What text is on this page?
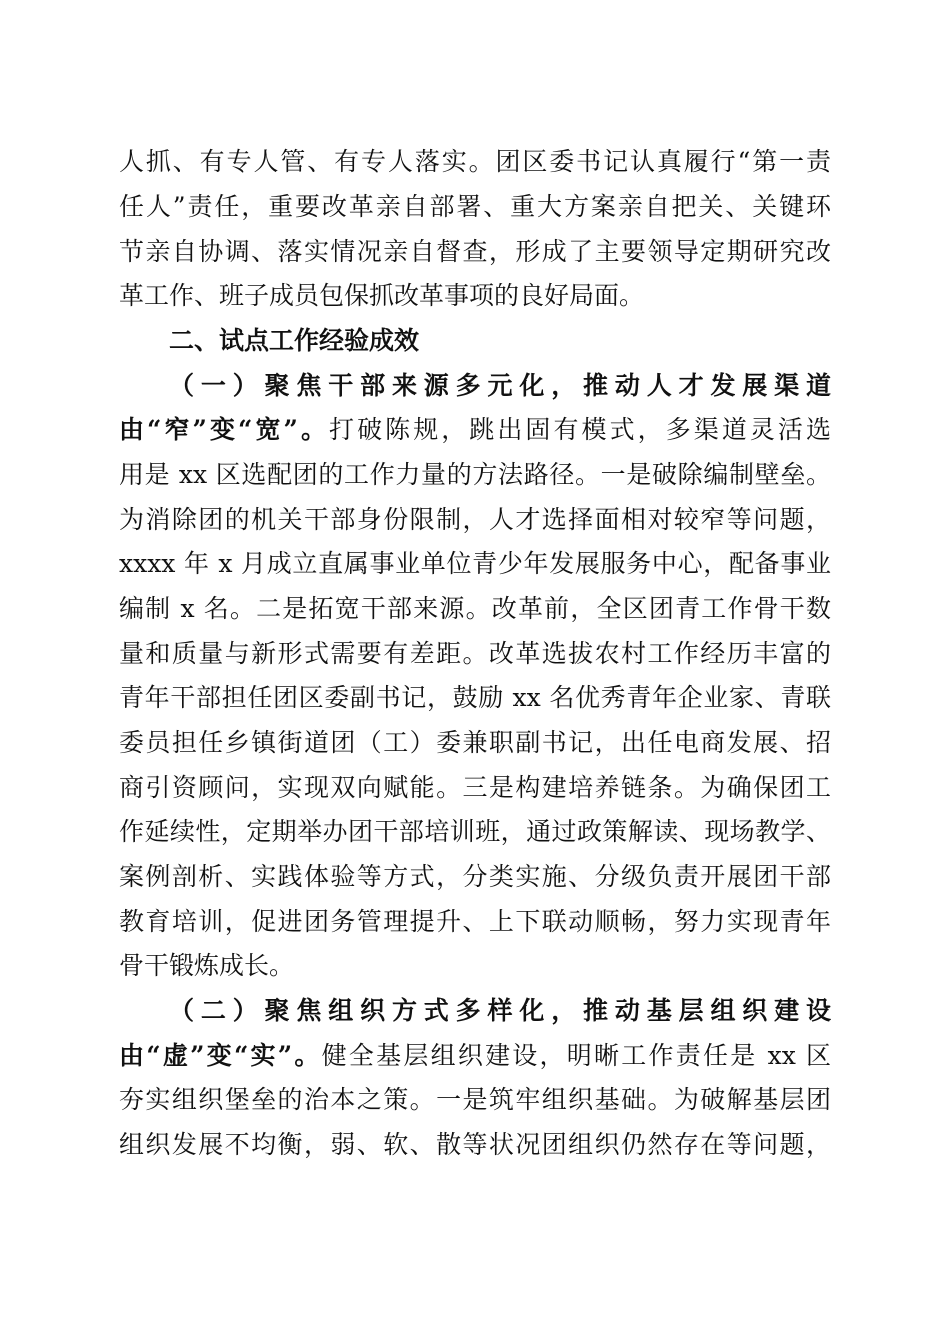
人抓、有专人管、有专人落实。团区委书记认真履行“第一责
任人”责任，重要改革亲自部署、重大方案亲自把关、关键环
节亲自协调、落实情况亲自督查，形成了主要领导定期研究改
革工作、班子成员包保抓改革事项的良好局面。
二、试点工作经验成效
（一）聚焦干部来源多元化，推动人才发展渠道
由“窄”变“宽”。打破陈规，跳出固有模式，多渠道灵活选
用是 xx 区选配团的工作力量的方法路径。一是破除编制壁垒。
为消除团的机关干部身份限制，人才选择面相对较窄等问题，
xxxx 年 x 月成立直属事业单位青少年发展服务中心，配备事业
编制 x 名。二是拓宽干部来源。改革前，全区团青工作骨干数
量和质量与新形式需要有差距。改革选拔农村工作经历丰富的
青年干部担任团区委副书记，鼓励 xx 名优秀青年企业家、青联
委员担任乡镇街道团（工）委兼职副书记，出任电商发展、招
商引资顾问，实现双向赋能。三是构建培养链条。为确保团工
作延续性，定期举办团干部培训班，通过政策解读、现场教学、
案例剖析、实践体验等方式，分类实施、分级负责开展团干部
教育培训，促进团务管理提升、上下联动顺畅，努力实现青年
骨干锻炼成长。
（二）聚焦组织方式多样化，推动基层组织建设
由“虚”变“实”。健全基层组织建设，明晰工作责任是 xx 区
夯实组织堡垒的治本之策。一是筑牢组织基础。为破解基层团
组织发展不均衡，弱、软、散等状况团组织仍然存在等问题，
